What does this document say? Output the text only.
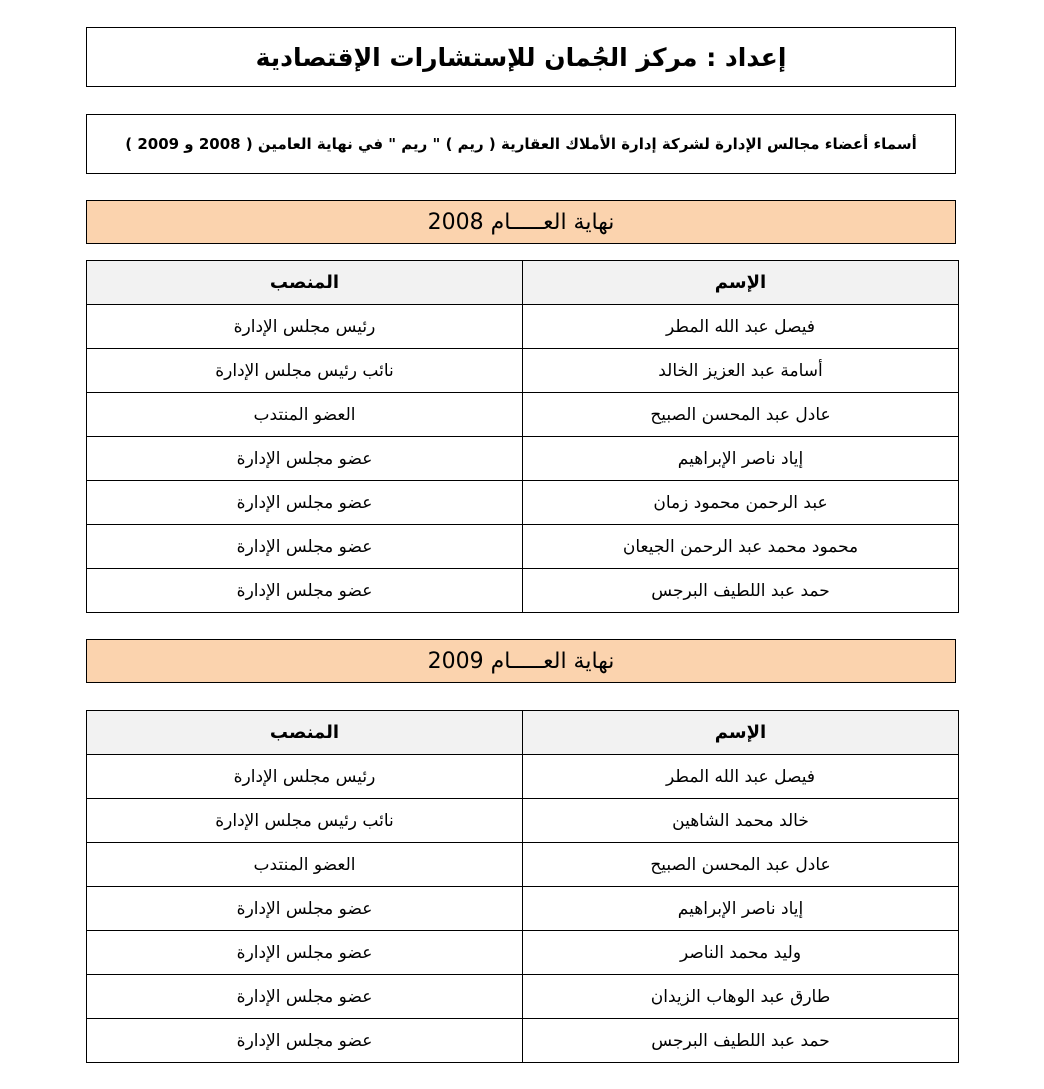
إعداد : مركز الجُمان للإستشارات الإقتصادية
أسماء أعضاء مجالس الإدارة لشركة إدارة الأملاك العقارية ( ريم ) " ريم " في نهاية العامين ( 2008 و 2009 )
نهاية العـــــام 2008
الإسم	المنصب
فيصل عبد الله المطر	رئيس مجلس الإدارة
أسامة عبد العزيز الخالد	نائب رئيس مجلس الإدارة
عادل عبد المحسن الصبيح	العضو المنتدب
إياد ناصر الإبراهيم	عضو مجلس الإدارة
عبد الرحمن محمود زمان	عضو مجلس الإدارة
محمود محمد عبد الرحمن الجيعان	عضو مجلس الإدارة
حمد عبد اللطيف البرجس	عضو مجلس الإدارة
نهاية العـــــام 2009
الإسم	المنصب
فيصل عبد الله المطر	رئيس مجلس الإدارة
خالد محمد الشاهين	نائب رئيس مجلس الإدارة
عادل عبد المحسن الصبيح	العضو المنتدب
إياد ناصر الإبراهيم	عضو مجلس الإدارة
وليد محمد الناصر	عضو مجلس الإدارة
طارق عبد الوهاب الزيدان	عضو مجلس الإدارة
حمد عبد اللطيف البرجس	عضو مجلس الإدارة
